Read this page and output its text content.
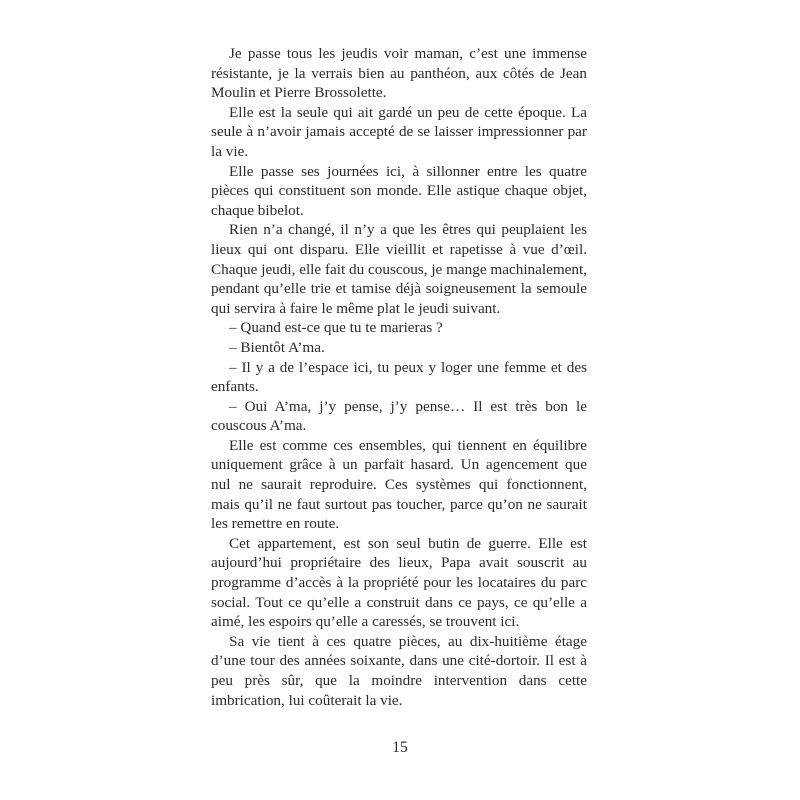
Je passe tous les jeudis voir maman, c’est une immense résistante, je la verrais bien au panthéon, aux côtés de Jean Moulin et Pierre Brossolette.

Elle est la seule qui ait gardé un peu de cette époque. La seule à n’avoir jamais accepté de se laisser impressionner par la vie.

Elle passe ses journées ici, à sillonner entre les quatre pièces qui constituent son monde. Elle astique chaque objet, chaque bibelot.

Rien n’a changé, il n’y a que les êtres qui peuplaient les lieux qui ont disparu. Elle vieillit et rapetisse à vue d’œil. Chaque jeudi, elle fait du couscous, je mange machinalement, pendant qu’elle trie et tamise déjà soigneusement la semoule qui servira à faire le même plat le jeudi suivant.

– Quand est-ce que tu te marieras ?

– Bientôt A’ma.

– Il y a de l’espace ici, tu peux y loger une femme et des enfants.

– Oui A’ma, j’y pense, j’y pense… Il est très bon le couscous A’ma.

Elle est comme ces ensembles, qui tiennent en équilibre uniquement grâce à un parfait hasard. Un agencement que nul ne saurait reproduire. Ces systèmes qui fonctionnent, mais qu’il ne faut surtout pas toucher, parce qu’on ne saurait les remettre en route.

Cet appartement, est son seul butin de guerre. Elle est aujourd’hui propriétaire des lieux, Papa avait souscrit au programme d’accès à la propriété pour les locataires du parc social. Tout ce qu’elle a construit dans ce pays, ce qu’elle a aimé, les espoirs qu’elle a caressés, se trouvent ici.

Sa vie tient à ces quatre pièces, au dix-huitième étage d’une tour des années soixante, dans une cité-dortoir. Il est à peu près sûr, que la moindre intervention dans cette imbrication, lui coûterait la vie.

15
